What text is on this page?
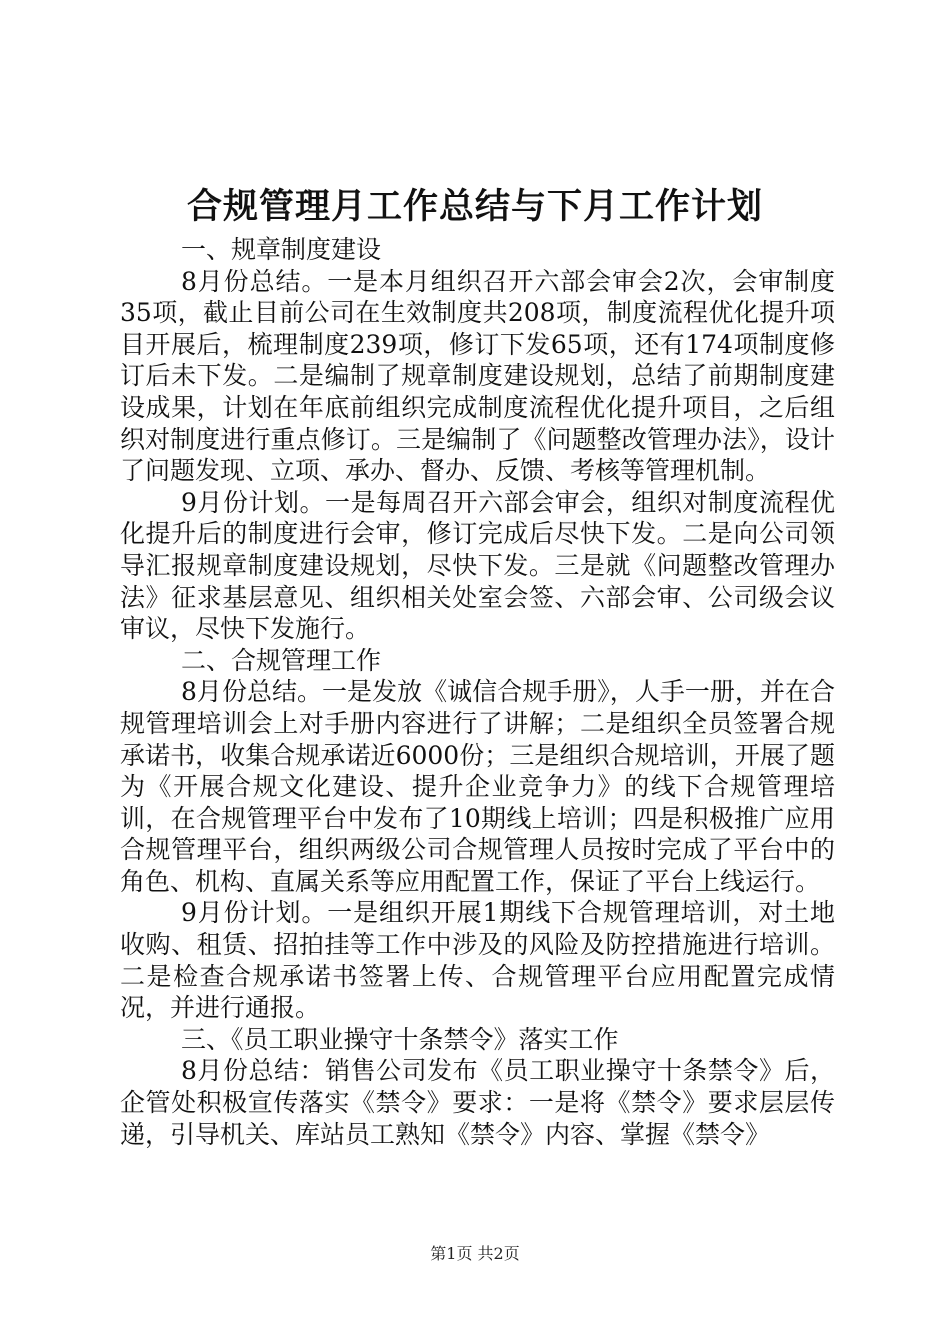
合规管理月工作总结与下月工作计划

一、规章制度建设

8月份总结。一是本月组织召开六部会审会2次，会审制度35项，截止目前公司在生效制度共208项，制度流程优化提升项目开展后，梳理制度239项，修订下发65项，还有174项制度修订后未下发。二是编制了规章制度建设规划，总结了前期制度建设成果，计划在年底前组织完成制度流程优化提升项目，之后组织对制度进行重点修订。三是编制了《问题整改管理办法》，设计了问题发现、立项、承办、督办、反馈、考核等管理机制。

9月份计划。一是每周召开六部会审会，组织对制度流程优化提升后的制度进行会审，修订完成后尽快下发。二是向公司领导汇报规章制度建设规划，尽快下发。三是就《问题整改管理办法》征求基层意见、组织相关处室会签、六部会审、公司级会议审议，尽快下发施行。

二、合规管理工作

8月份总结。一是发放《诚信合规手册》，人手一册，并在合规管理培训会上对手册内容进行了讲解；二是组织全员签署合规承诺书，收集合规承诺近6000份；三是组织合规培训，开展了题为《开展合规文化建设、提升企业竞争力》的线下合规管理培训，在合规管理平台中发布了10期线上培训；四是积极推广应用合规管理平台，组织两级公司合规管理人员按时完成了平台中的角色、机构、直属关系等应用配置工作，保证了平台上线运行。

9月份计划。一是组织开展1期线下合规管理培训，对土地收购、租赁、招拍挂等工作中涉及的风险及防控措施进行培训。二是检查合规承诺书签署上传、合规管理平台应用配置完成情况，并进行通报。

三、《员工职业操守十条禁令》落实工作

8月份总结：销售公司发布《员工职业操守十条禁令》后，企管处积极宣传落实《禁令》要求：一是将《禁令》要求层层传递，引导机关、库站员工熟知《禁令》内容、掌握《禁令》

第1页 共2页
